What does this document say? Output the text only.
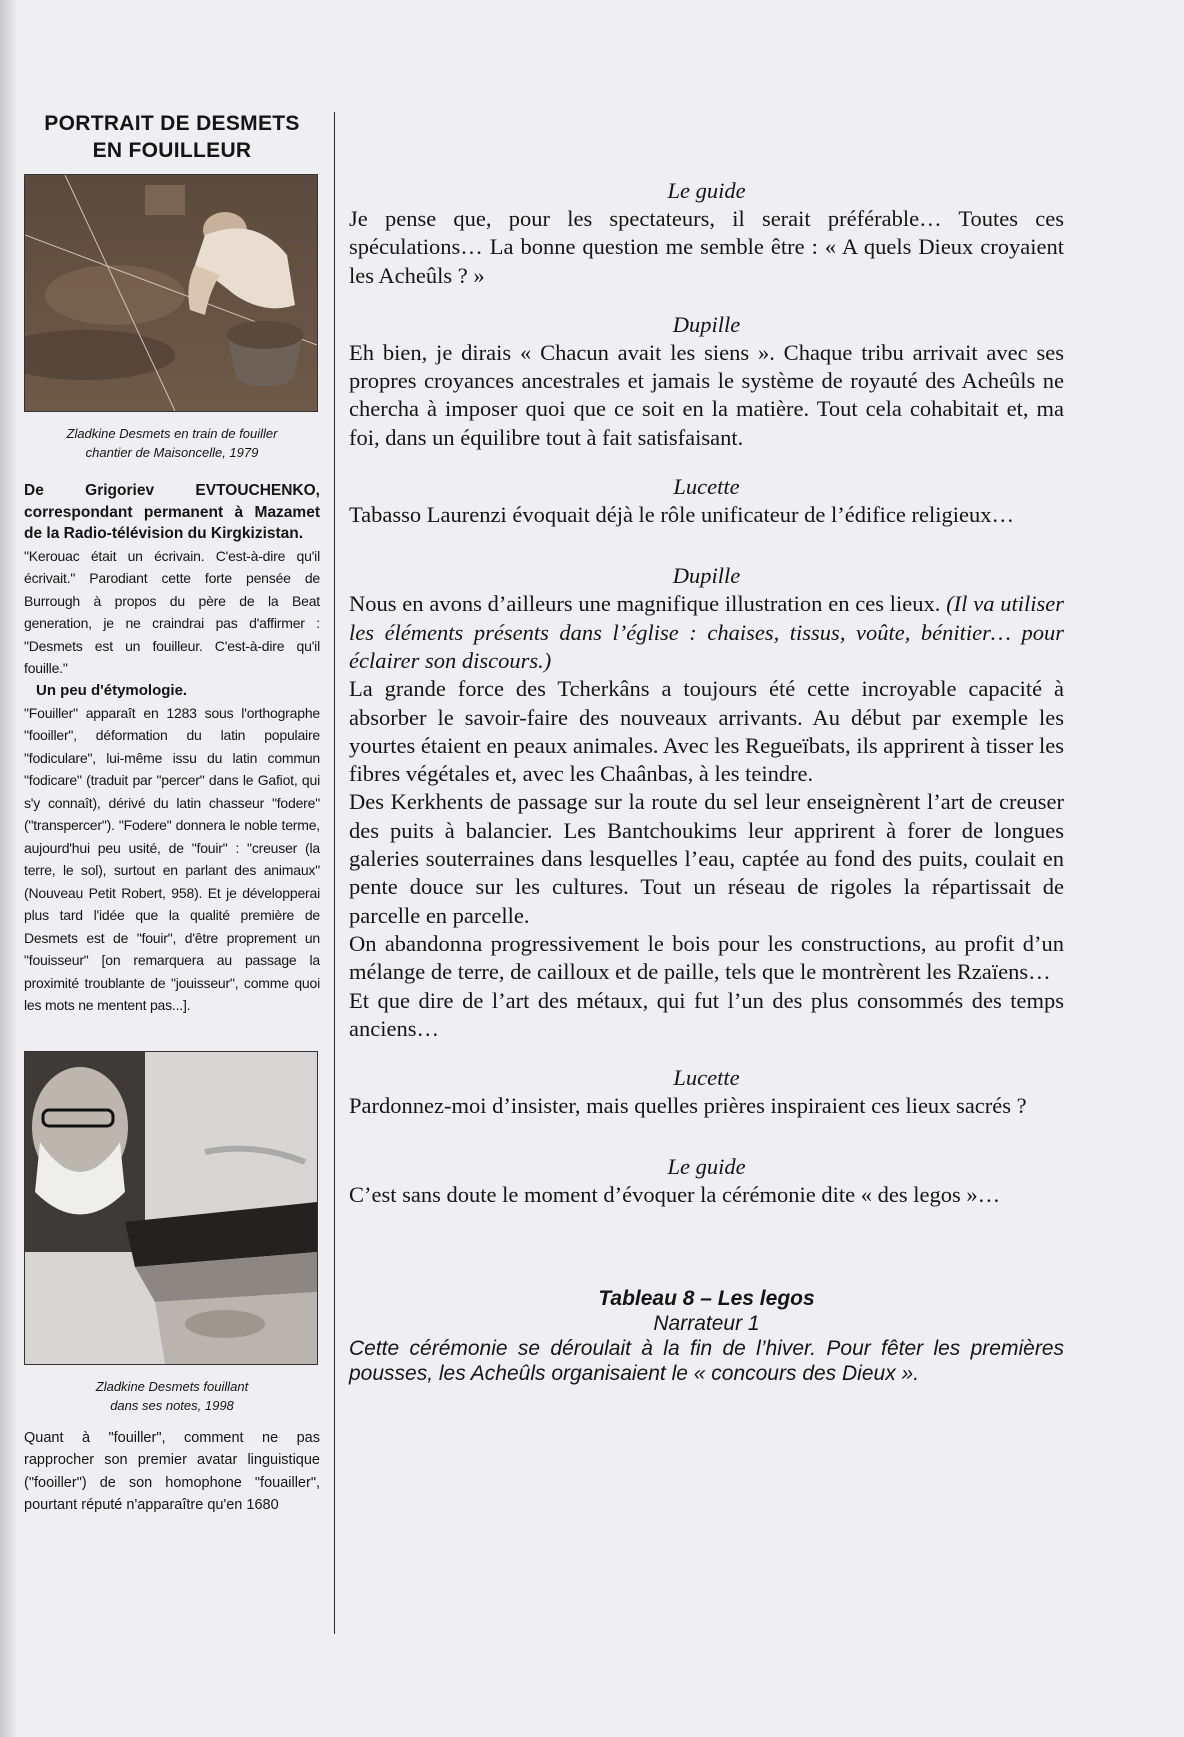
PORTRAIT DE DESMETS
EN FOUILLEUR

Zladkine Desmets en train de fouiller
chantier de Maisoncelle, 1979

De Grigoriev EVTOUCHENKO, correspondant permanent à Mazamet de la Radio-télévision du Kirgkizistan.

"Kerouac était un écrivain. C'est-à-dire qu'il écrivait." Parodiant cette forte pensée de Burrough à propos du père de la Beat generation, je ne craindrai pas d'affirmer : "Desmets est un fouilleur. C'est-à-dire qu'il fouille."

Un peu d'étymologie.

"Fouiller" apparaît en 1283 sous l'orthographe "fooiller", déformation du latin populaire "fodiculare", lui-même issu du latin commun "fodicare" (traduit par "percer" dans le Gafiot, qui s'y connaît), dérivé du latin chasseur "fodere" ("transpercer"). "Fodere" donnera le noble terme, aujourd'hui peu usité, de "fouir" : "creuser (la terre, le sol), surtout en parlant des animaux" (Nouveau Petit Robert, 958). Et je développerai plus tard l'idée que la qualité première de Desmets est de "fouir", d'être proprement un "fouisseur" [on remarquera au passage la proximité troublante de "jouisseur", comme quoi les mots ne mentent pas...].

Zladkine Desmets fouillant
dans ses notes, 1998

Quant à "fouiller", comment ne pas rapprocher son premier avatar linguistique ("fooiller") de son homophone "fouailler", pourtant réputé n'apparaître qu'en 1680

Le guide

Je pense que, pour les spectateurs, il serait préférable… Toutes ces spéculations… La bonne question me semble être : « A quels Dieux croyaient les Acheûls ? »

Dupille

Eh bien, je dirais « Chacun avait les siens ». Chaque tribu arrivait avec ses propres croyances ancestrales et jamais le système de royauté des Acheûls ne chercha à imposer quoi que ce soit en la matière. Tout cela cohabitait et, ma foi, dans un équilibre tout à fait satisfaisant.

Lucette

Tabasso Laurenzi évoquait déjà le rôle unificateur de l’édifice religieux…

Dupille

Nous en avons d’ailleurs une magnifique illustration en ces lieux. (Il va utiliser les éléments présents dans l’église : chaises, tissus, voûte, bénitier… pour éclairer son discours.)

La grande force des Tcherkâns a toujours été cette incroyable capacité à absorber le savoir-faire des nouveaux arrivants. Au début par exemple les yourtes étaient en peaux animales. Avec les Regueïbats, ils apprirent à tisser les fibres végétales et, avec les Chaânbas, à les teindre.

Des Kerkhents de passage sur la route du sel leur enseignèrent l’art de creuser des puits à balancier. Les Bantchoukims leur apprirent à forer de longues galeries souterraines dans lesquelles l’eau, captée au fond des puits, coulait en pente douce sur les cultures. Tout un réseau de rigoles la répartissait de parcelle en parcelle.

On abandonna progressivement le bois pour les constructions, au profit d’un mélange de terre, de cailloux et de paille, tels que le montrèrent les Rzaïens…

Et que dire de l’art des métaux, qui fut l’un des plus consommés des temps anciens…

Lucette

Pardonnez-moi d’insister, mais quelles prières inspiraient ces lieux sacrés ?

Le guide

C’est sans doute le moment d’évoquer la cérémonie dite « des legos »…

Tableau 8 – Les legos

Narrateur 1

Cette cérémonie se déroulait à la fin de l’hiver. Pour fêter les premières pousses, les Acheûls organisaient le « concours des Dieux ».
